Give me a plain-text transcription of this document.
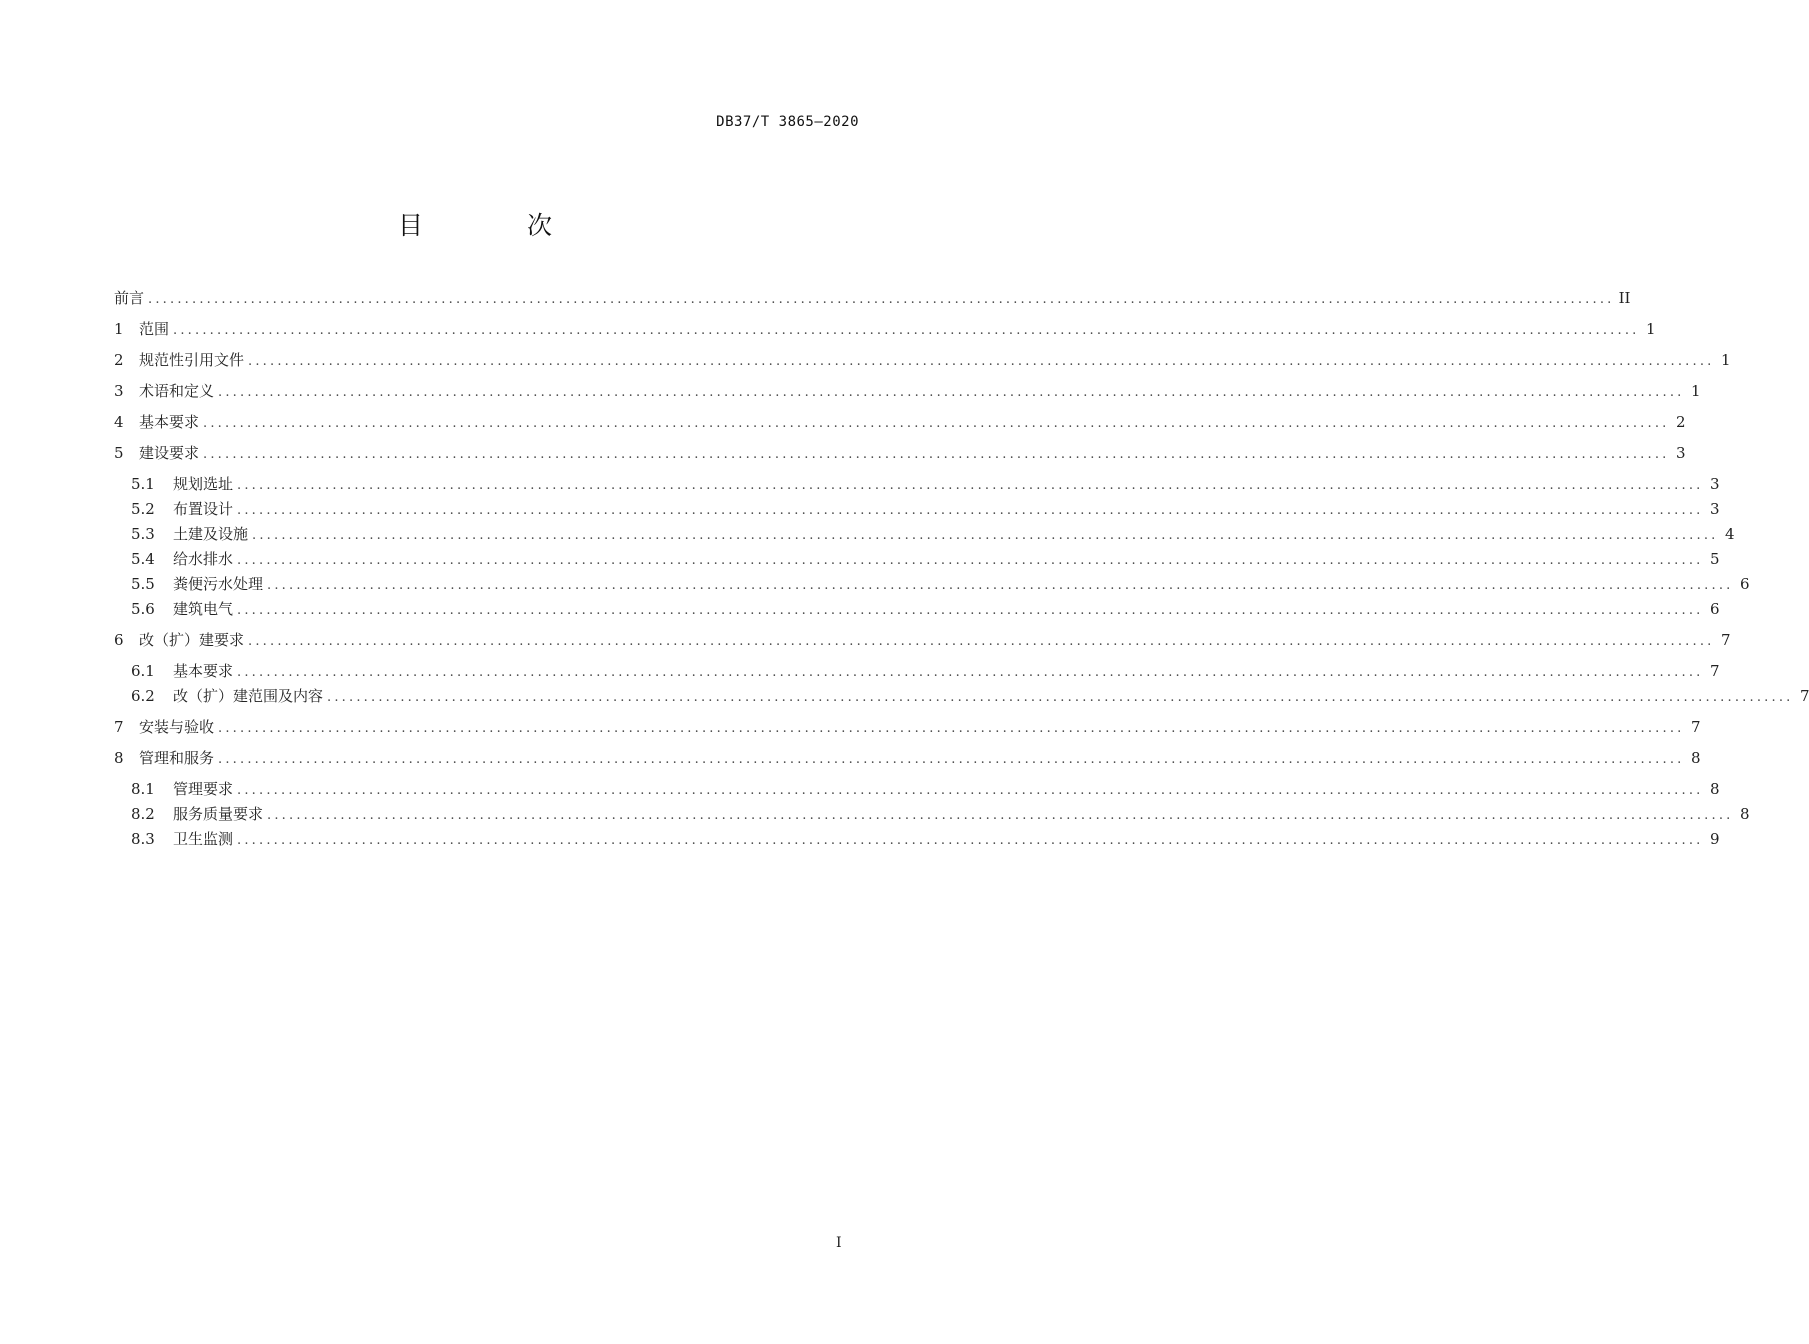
DB37/T 3865—2020
目 次
前言 ........................................................................................................................................................................................................ II
1	范围 ........................................................................................................................................................................................................ 1
2	规范性引用文件 ........................................................................................................................................................................................................ 1
3	术语和定义 ........................................................................................................................................................................................................ 1
4	基本要求 ........................................................................................................................................................................................................ 2
5	建设要求 ........................................................................................................................................................................................................ 3
5.1	规划选址 ........................................................................................................................................................................................................ 3
5.2	布置设计 ........................................................................................................................................................................................................ 3
5.3	土建及设施 ........................................................................................................................................................................................................ 4
5.4	给水排水 ........................................................................................................................................................................................................ 5
5.5	粪便污水处理 ........................................................................................................................................................................................................ 6
5.6	建筑电气 ........................................................................................................................................................................................................ 6
6	改（扩）建要求 ........................................................................................................................................................................................................ 7
6.1	基本要求 ........................................................................................................................................................................................................ 7
6.2	改（扩）建范围及内容 ........................................................................................................................................................................................................ 7
7	安装与验收 ........................................................................................................................................................................................................ 7
8	管理和服务 ........................................................................................................................................................................................................ 8
8.1	管理要求 ........................................................................................................................................................................................................ 8
8.2	服务质量要求 ........................................................................................................................................................................................................ 8
8.3	卫生监测 ........................................................................................................................................................................................................ 9
I
